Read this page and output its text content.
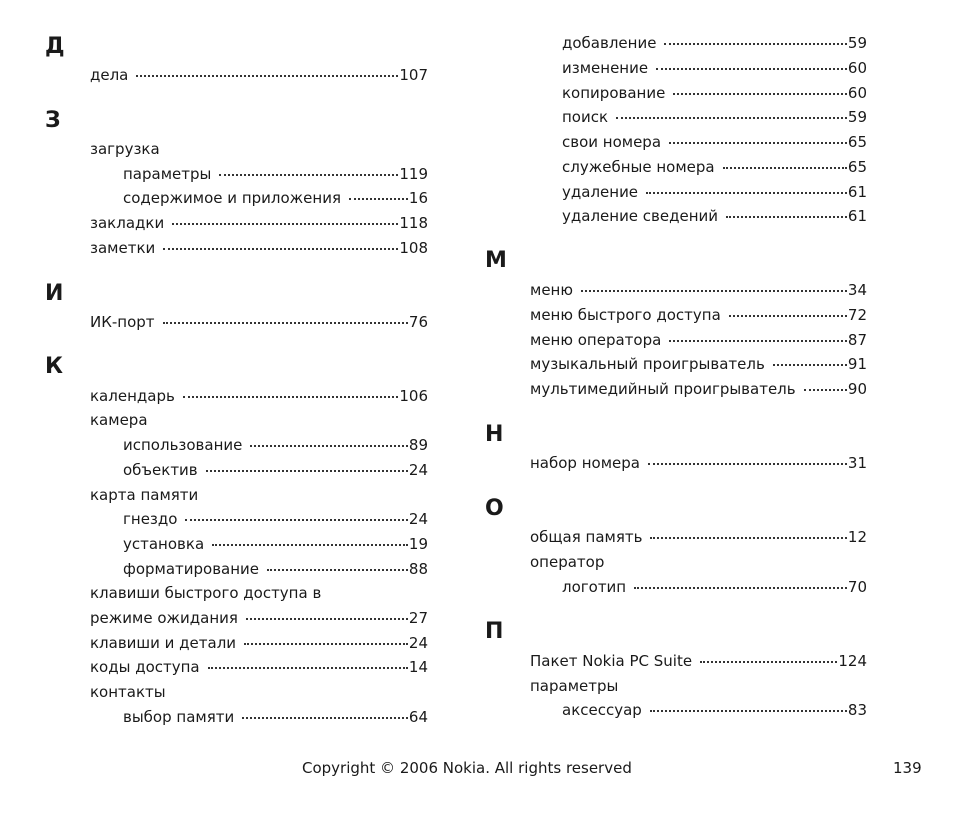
Д
дела	107
З
загрузка
параметры	119
содержимое и приложения	16
закладки	118
заметки	108
И
ИК-порт	76
К
календарь	106
камера
использование	89
объектив	24
карта памяти
гнездо	24
установка	19
форматирование	88
клавиши быстрого доступа в
режиме ожидания	27
клавиши и детали	24
коды доступа	14
контакты
выбор памяти	64
добавление	59
изменение	60
копирование	60
поиск	59
свои номера	65
служебные номера	65
удаление	61
удаление сведений	61
М
меню	34
меню быстрого доступа	72
меню оператора	87
музыкальный проигрыватель	91
мультимедийный проигрыватель	90
Н
набор номера	31
О
общая память	12
оператор
логотип	70
П
Пакет Nokia PC Suite	124
параметры
аксессуар	83
Copyright © 2006 Nokia. All rights reserved	139
